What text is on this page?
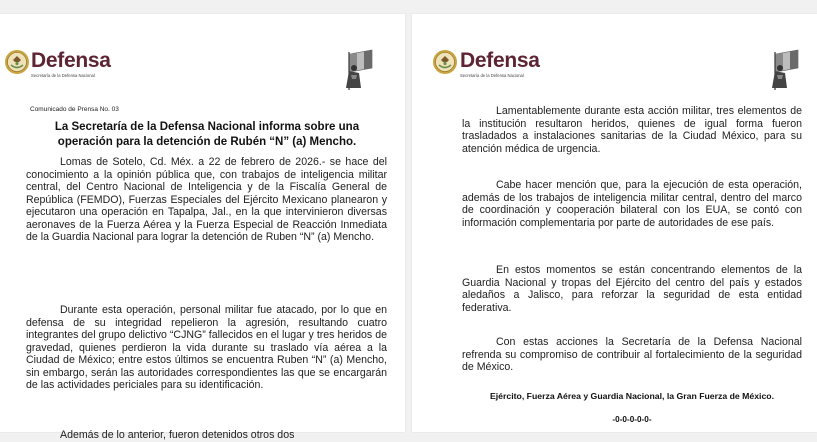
Defensa
Secretaría de la Defensa Nacional
Comunicado de Prensa No. 03
La Secretaría de la Defensa Nacional informa sobre una
operación para la detención de Rubén “N” (a) Mencho.

Lomas de Sotelo, Cd. Méx. a 22 de febrero de 2026.- se hace del conocimiento a la opinión pública que, con trabajos de inteligencia militar central, del Centro Nacional de Inteligencia y de la Fiscalía General de República (FEMDO), Fuerzas Especiales del Ejército Mexicano planearon y ejecutaron una operación en Tapalpa, Jal., en la que intervinieron diversas aeronaves de la Fuerza Aérea y la Fuerza Especial de Reacción Inmediata de la Guardia Nacional para lograr la detención de Ruben “N” (a) Mencho.

Durante esta operación, personal militar fue atacado, por lo que en defensa de su integridad repelieron la agresión, resultando cuatro integrantes del grupo delictivo “CJNG” fallecidos en el lugar y tres heridos de gravedad, quienes perdieron la vida durante su traslado vía aérea a la Ciudad de México; entre estos últimos se encuentra Ruben “N” (a) Mencho, sin embargo, serán las autoridades correspondientes las que se encargarán de las actividades periciales para su identificación.

Además de lo anterior, fueron detenidos otros dos

Defensa
Secretaría de la Defensa Nacional

Lamentablemente durante esta acción militar, tres elementos de la institución resultaron heridos, quienes de igual forma fueron trasladados a instalaciones sanitarias de la Ciudad México, para su atención médica de urgencia.

Cabe hacer mención que, para la ejecución de esta operación, además de los trabajos de inteligencia militar central, dentro del marco de coordinación y cooperación bilateral con los EUA, se contó con información complementaria por parte de autoridades de ese país.

En estos momentos se están concentrando elementos de la Guardia Nacional y tropas del Ejército del centro del país y estados aledaños a Jalisco, para reforzar la seguridad de esta entidad federativa.

Con estas acciones la Secretaría de la Defensa Nacional refrenda su compromiso de contribuir al fortalecimiento de la seguridad de México.

Ejército, Fuerza Aérea y Guardia Nacional, la Gran Fuerza de México.
-0-0-0-0-0-
